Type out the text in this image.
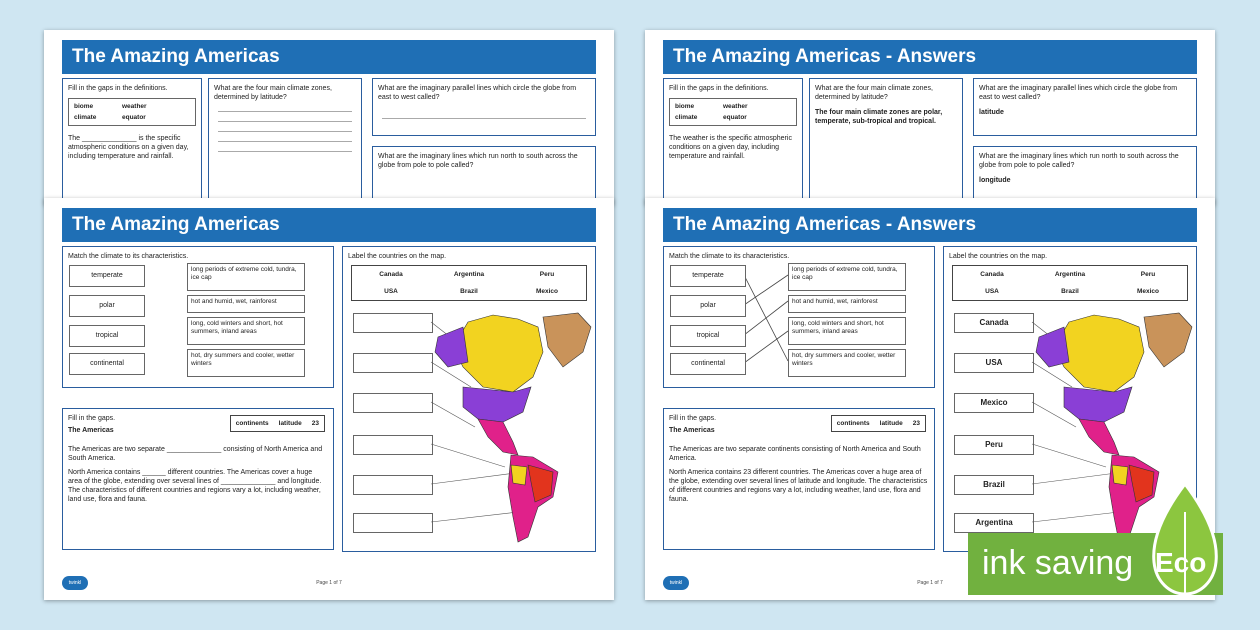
The Amazing Americas
Fill in the gaps in the definitions.
biome	weather
climate	equator
The ______________ is the specific atmospheric conditions on a given day, including temperature and rainfall.
What are the four main climate zones, determined by latitude?
What are the imaginary parallel lines which circle the globe from east to west called?
What are the imaginary lines which run north to south across the globe from pole to pole called?
The Amazing Americas - Answers
Fill in the gaps in the definitions.
biome	weather
climate	equator
The weather is the specific atmospheric conditions on a given day, including temperature and rainfall.
What are the four main climate zones, determined by latitude?
The four main climate zones are polar, temperate, sub-tropical and tropical.
What are the imaginary parallel lines which circle the globe from east to west called?
latitude
What are the imaginary lines which run north to south across the globe from pole to pole called?
longitude
The Amazing Americas
Match the climate to its characteristics.
temperate
polar
tropical
continental
long periods of extreme cold, tundra, ice cap
hot and humid, wet, rainforest
long, cold winters and short, hot summers, inland areas
hot, dry summers and cooler, wetter winters
Fill in the gaps.
The Americas
continents latitude 23
The Americas are two separate ______________ consisting of North America and South America.
North America contains ______ different countries. The Americas cover a huge area of the globe, extending over several lines of ______________ and longitude. The characteristics of different countries and regions vary a lot, including weather, land use, flora and fauna.
Label the countries on the map.
Canada	Argentina	Peru
USA	Brazil	Mexico
twinkl	Page 1 of 7
The Amazing Americas - Answers
Match the climate to its characteristics.
temperate
polar
tropical
continental
long periods of extreme cold, tundra, ice cap
hot and humid, wet, rainforest
long, cold winters and short, hot summers, inland areas
hot, dry summers and cooler, wetter winters
Fill in the gaps.
The Americas
continents latitude 23
The Americas are two separate continents consisting of North America and South America.
North America contains 23 different countries. The Americas cover a huge area of the globe, extending over several lines of latitude and longitude. The characteristics of different countries and regions vary a lot, including weather, land use, flora and fauna.
Label the countries on the map.
Canada	Argentina	Peru
USA	Brazil	Mexico
Canada
USA
Mexico
Peru
Brazil
Argentina
twinkl	Page 1 of 7
ink saving Eco
